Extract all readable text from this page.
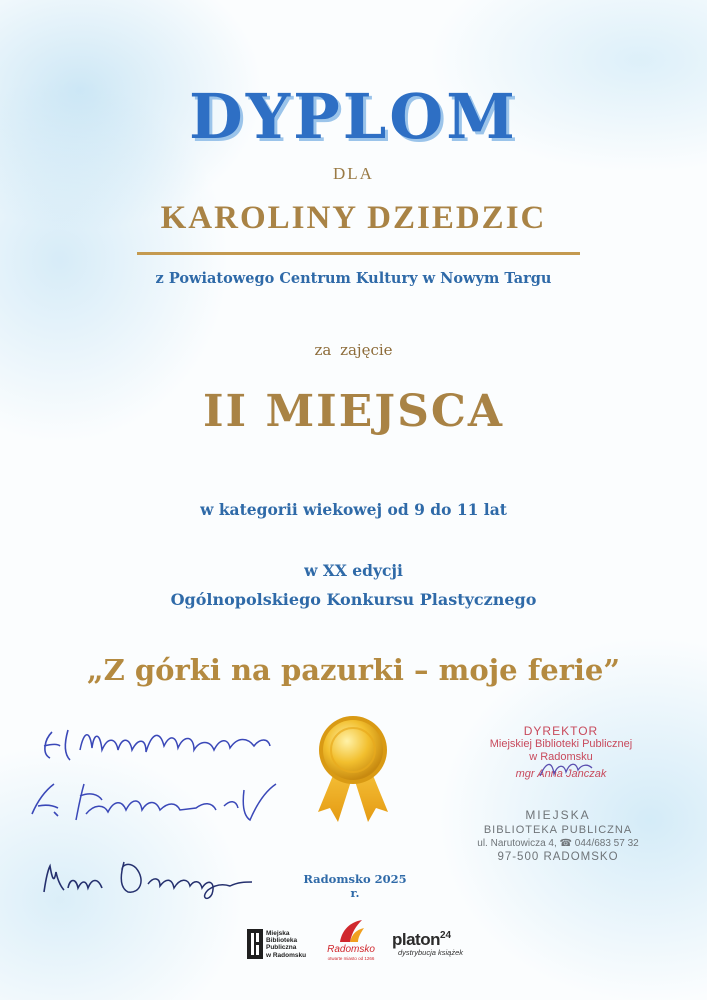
DYPLOM
DLA
KAROLINY DZIEDZIC
z Powiatowego Centrum Kultury w Nowym Targu
za zajęcie
II MIEJSCA
w kategorii wiekowej od 9 do 11 lat
w XX edycji
Ogólnopolskiego Konkursu Plastycznego
„Z górki na pazurki – moje ferie”
DYREKTOR
Miejskiej Biblioteki Publicznej
w Radomsku
mgr Anna Janczak
MIEJSKA
BIBLIOTEKA PUBLICZNA
ul. Narutowicza 4, ☎ 044/683 57 32
97-500 RADOMSKO
Radomsko 2025 r.
Miejska
Biblioteka
Publiczna
w Radomsku
Radomsko
otwarte miasto od 1266
platon$^{24}$
dystrybucja książek
